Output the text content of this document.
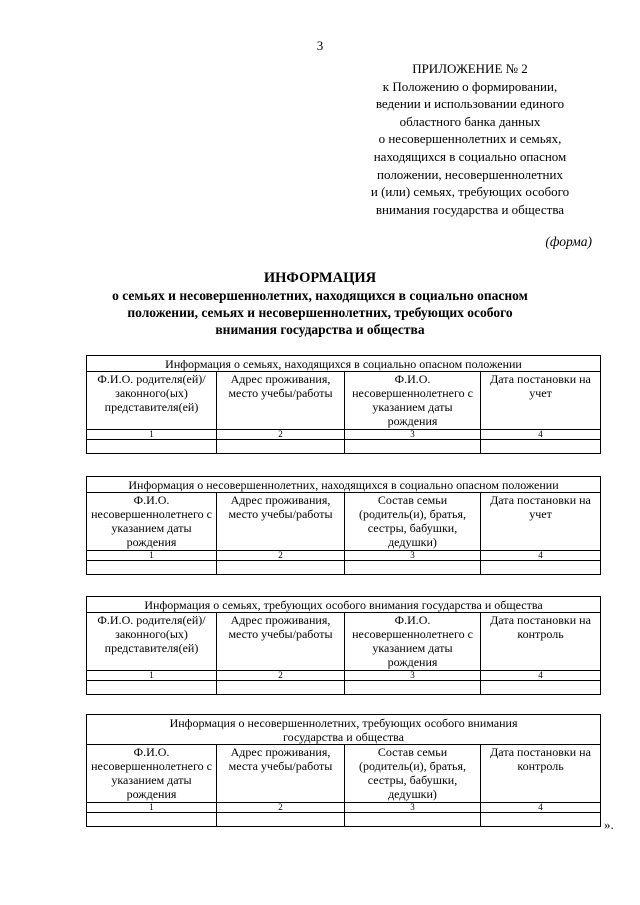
3
ПРИЛОЖЕНИЕ № 2
к Положению о формировании,
ведении и использовании единого
областного банка данных
о несовершеннолетних и семьях,
находящихся в социально опасном
положении, несовершеннолетних
и (или) семьях, требующих особого
внимания государства и общества
(форма)
ИНФОРМАЦИЯ
о семьях и несовершеннолетних, находящихся в социально опасном
положении, семьях и несовершеннолетних, требующих особого
внимания государства и общества
Информация о семьях, находящихся в социально опасном положении			
Ф.И.О. родителя(ей)/ законного(ых) представителя(ей)	Адрес проживания, место учебы/работы	Ф.И.О. несовершеннолетнего с указанием даты рождения	Дата постановки на учет
1	2	3	4

Информация о несовершеннолетних, находящихся в социально опасном положении			
Ф.И.О. несовершеннолетнего с указанием даты рождения	Адрес проживания, место учебы/работы	Состав семьи (родитель(и), братья, сестры, бабушки, дедушки)	Дата постановки на учет
1	2	3	4

Информация о семьях, требующих особого внимания государства и общества			
Ф.И.О. родителя(ей)/ законного(ых) представителя(ей)	Адрес проживания, место учебы/работы	Ф.И.О. несовершеннолетнего с указанием даты рождения	Дата постановки на контроль
1	2	3	4

Информация о несовершеннолетних, требующих особого внимания государства и общества			
Ф.И.О. несовершеннолетнего с указанием даты рождения	Адрес проживания, места учебы/работы	Состав семьи (родитель(и), братья, сестры, бабушки, дедушки)	Дата постановки на контроль
1	2	3	4

».
